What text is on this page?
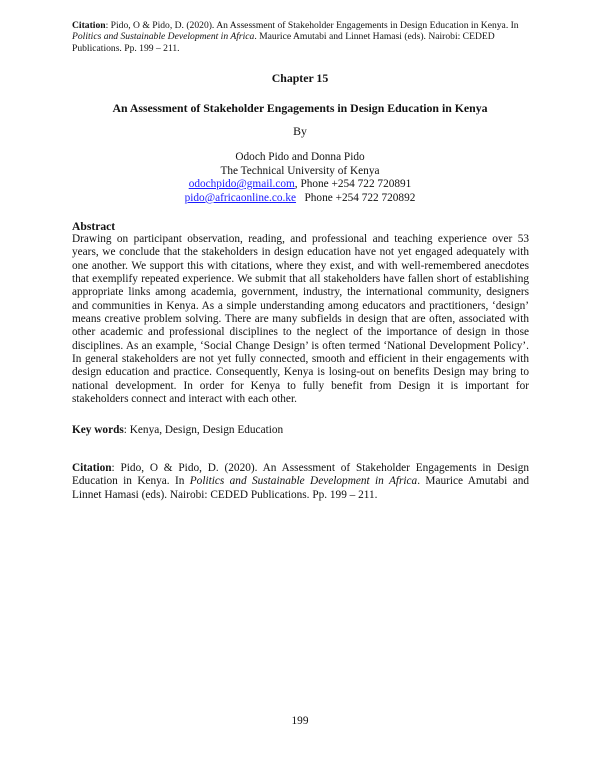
Citation: Pido, O & Pido, D. (2020). An Assessment of Stakeholder Engagements in Design Education in Kenya. In Politics and Sustainable Development in Africa. Maurice Amutabi and Linnet Hamasi (eds). Nairobi: CEDED Publications. Pp. 199 – 211.
Chapter 15
An Assessment of Stakeholder Engagements in Design Education in Kenya
By
Odoch Pido and Donna Pido
The Technical University of Kenya
odochpido@gmail.com, Phone +254 722 720891
pido@africaonline.co.ke   Phone +254 722 720892
Abstract
Drawing on participant observation, reading, and professional and teaching experience over 53 years, we conclude that the stakeholders in design education have not yet engaged adequately with one another. We support this with citations, where they exist, and with well-remembered anecdotes that exemplify repeated experience. We submit that all stakeholders have fallen short of establishing appropriate links among academia, government, industry, the international community, designers and communities in Kenya. As a simple understanding among educators and practitioners, ‘design’ means creative problem solving. There are many subfields in design that are often, associated with other academic and professional disciplines to the neglect of the importance of design in those disciplines. As an example, ‘Social Change Design’ is often termed ‘National Development Policy’. In general stakeholders are not yet fully connected, smooth and efficient in their engagements with design education and practice. Consequently, Kenya is losing-out on benefits Design may bring to national development. In order for Kenya to fully benefit from Design it is important for stakeholders connect and interact with each other.
Key words: Kenya, Design, Design Education
Citation: Pido, O & Pido, D. (2020). An Assessment of Stakeholder Engagements in Design Education in Kenya. In Politics and Sustainable Development in Africa. Maurice Amutabi and Linnet Hamasi (eds). Nairobi: CEDED Publications. Pp. 199 – 211.
199
